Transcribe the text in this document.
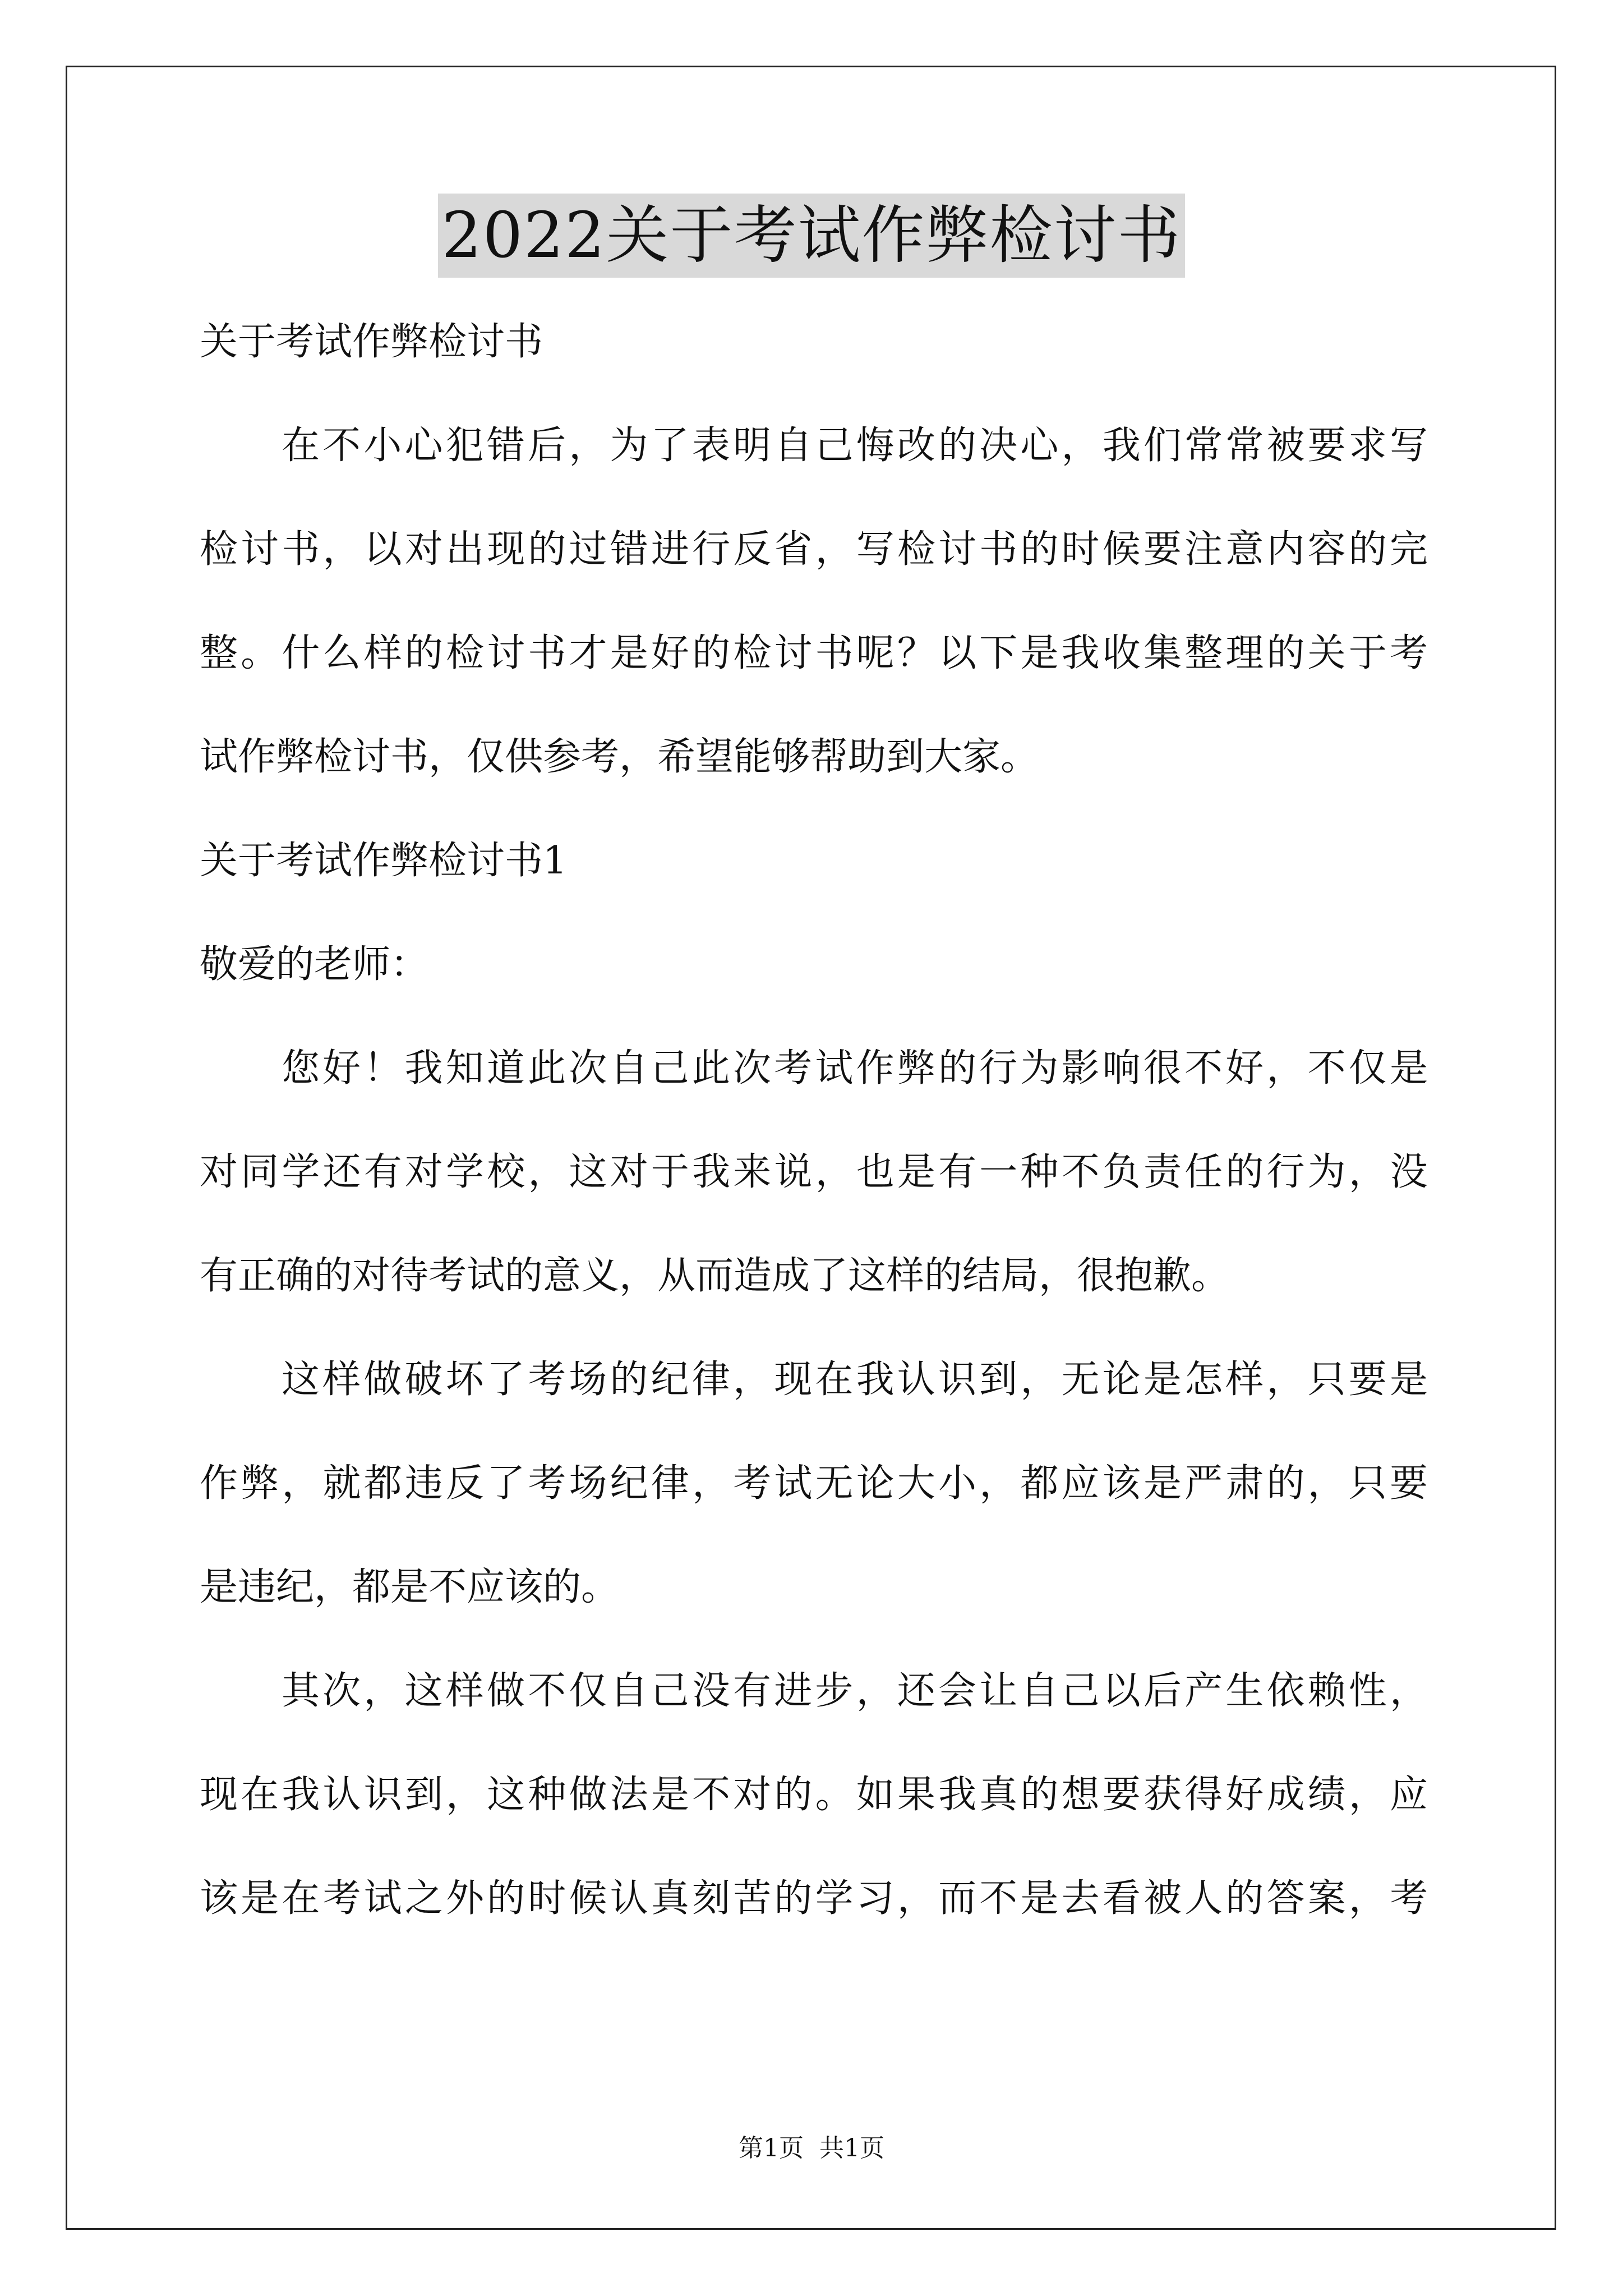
2022关于考试作弊检讨书
关于考试作弊检讨书
在不小心犯错后，为了表明自己悔改的决心，我们常常被要求写
检讨书，以对出现的过错进行反省，写检讨书的时候要注意内容的完
整。什么样的检讨书才是好的检讨书呢？以下是我收集整理的关于考
试作弊检讨书，仅供参考，希望能够帮助到大家。
关于考试作弊检讨书1
敬爱的老师：
您好！我知道此次自己此次考试作弊的行为影响很不好，不仅是
对同学还有对学校，这对于我来说，也是有一种不负责任的行为，没
有正确的对待考试的意义，从而造成了这样的结局，很抱歉。
这样做破坏了考场的纪律，现在我认识到，无论是怎样，只要是
作弊，就都违反了考场纪律，考试无论大小，都应该是严肃的，只要
是违纪，都是不应该的。
其次，这样做不仅自己没有进步，还会让自己以后产生依赖性，
现在我认识到，这种做法是不对的。如果我真的想要获得好成绩，应
该是在考试之外的时候认真刻苦的学习，而不是去看被人的答案，考
第1页 共1页
